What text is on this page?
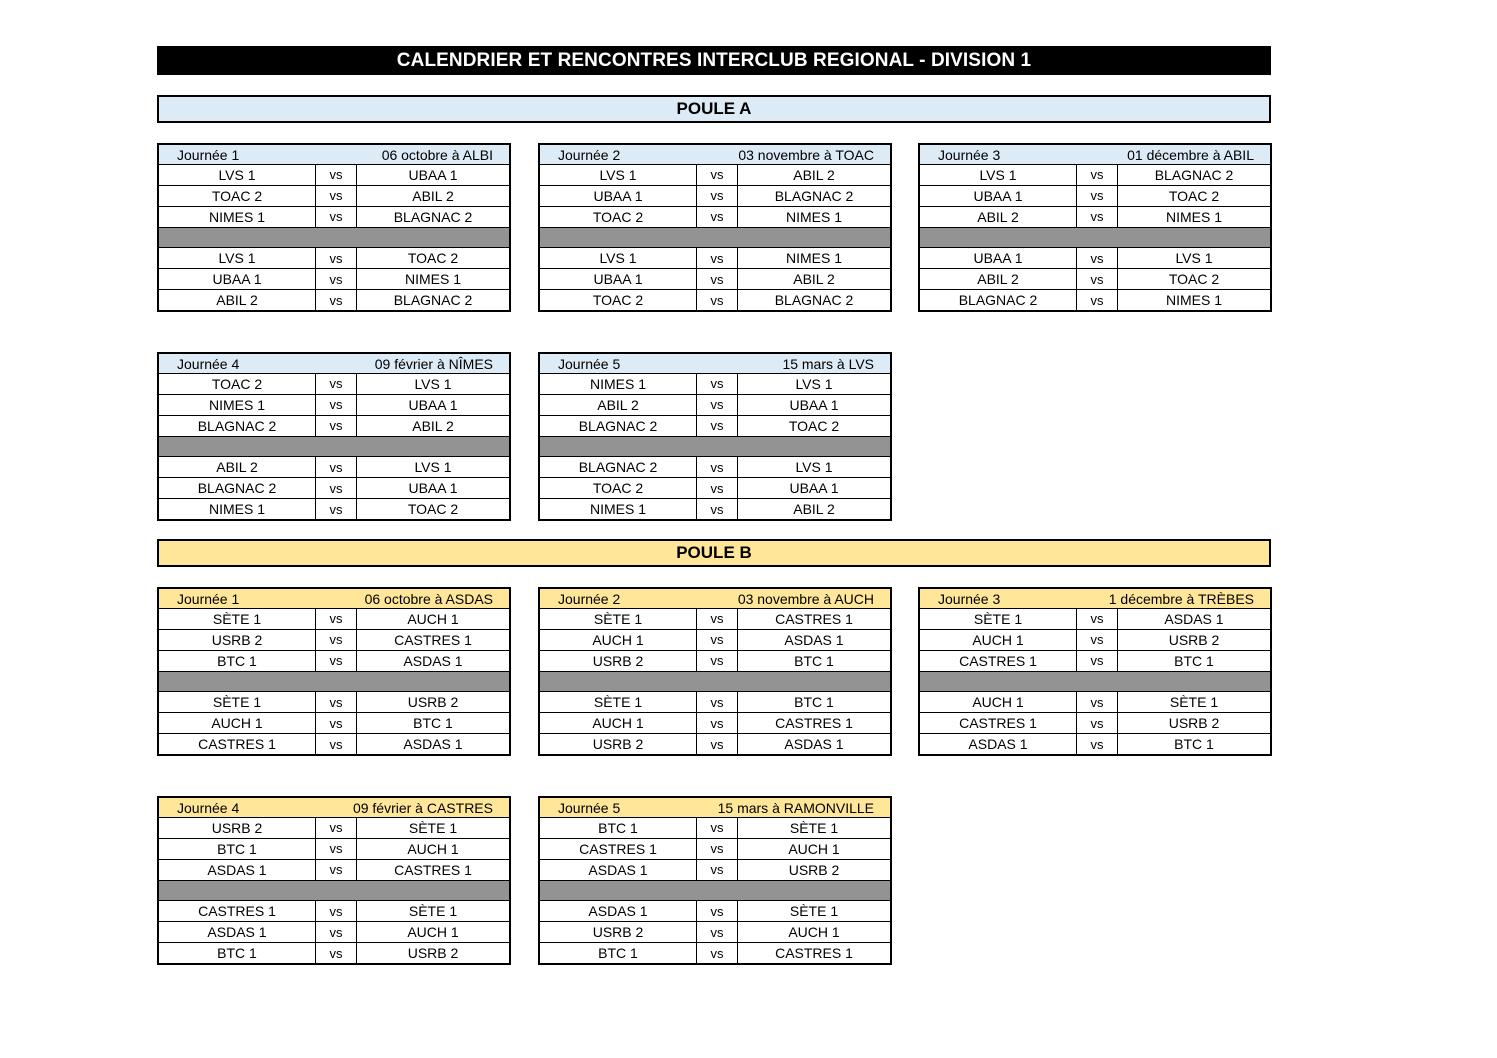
CALENDRIER ET RENCONTRES INTERCLUB REGIONAL - DIVISION 1
POULE A
POULE B
Journée 1	06 octobre à ALBI
LVS 1	vs	UBAA 1
TOAC 2	vs	ABIL 2
NIMES 1	vs	BLAGNAC 2
LVS 1	vs	TOAC 2
UBAA 1	vs	NIMES 1
ABIL 2	vs	BLAGNAC 2
Journée 2	03 novembre à TOAC
LVS 1	vs	ABIL 2
UBAA 1	vs	BLAGNAC 2
TOAC 2	vs	NIMES 1
LVS 1	vs	NIMES 1
UBAA 1	vs	ABIL 2
TOAC 2	vs	BLAGNAC 2
Journée 3	01 décembre à ABIL
LVS 1	vs	BLAGNAC 2
UBAA 1	vs	TOAC 2
ABIL 2	vs	NIMES 1
UBAA 1	vs	LVS 1
ABIL 2	vs	TOAC 2
BLAGNAC 2	vs	NIMES 1
Journée 4	09 février à NÎMES
TOAC 2	vs	LVS 1
NIMES 1	vs	UBAA 1
BLAGNAC 2	vs	ABIL 2
ABIL 2	vs	LVS 1
BLAGNAC 2	vs	UBAA 1
NIMES 1	vs	TOAC 2
Journée 5	15 mars à LVS
NIMES 1	vs	LVS 1
ABIL 2	vs	UBAA 1
BLAGNAC 2	vs	TOAC 2
BLAGNAC 2	vs	LVS 1
TOAC 2	vs	UBAA 1
NIMES 1	vs	ABIL 2
Journée 1	06 octobre à ASDAS
SÈTE 1	vs	AUCH 1
USRB 2	vs	CASTRES 1
BTC 1	vs	ASDAS 1
SÈTE 1	vs	USRB 2
AUCH 1	vs	BTC 1
CASTRES 1	vs	ASDAS 1
Journée 2	03 novembre à AUCH
SÈTE 1	vs	CASTRES 1
AUCH 1	vs	ASDAS 1
USRB 2	vs	BTC 1
SÈTE 1	vs	BTC 1
AUCH 1	vs	CASTRES 1
USRB 2	vs	ASDAS 1
Journée 3	1 décembre à TRÈBES
SÈTE 1	vs	ASDAS 1
AUCH 1	vs	USRB 2
CASTRES 1	vs	BTC 1
AUCH 1	vs	SÈTE 1
CASTRES 1	vs	USRB 2
ASDAS 1	vs	BTC 1
Journée 4	09 février à CASTRES
USRB 2	vs	SÈTE 1
BTC 1	vs	AUCH 1
ASDAS 1	vs	CASTRES 1
CASTRES 1	vs	SÈTE 1
ASDAS 1	vs	AUCH 1
BTC 1	vs	USRB 2
Journée 5	15 mars à RAMONVILLE
BTC 1	vs	SÈTE 1
CASTRES 1	vs	AUCH 1
ASDAS 1	vs	USRB 2
ASDAS 1	vs	SÈTE 1
USRB 2	vs	AUCH 1
BTC 1	vs	CASTRES 1
